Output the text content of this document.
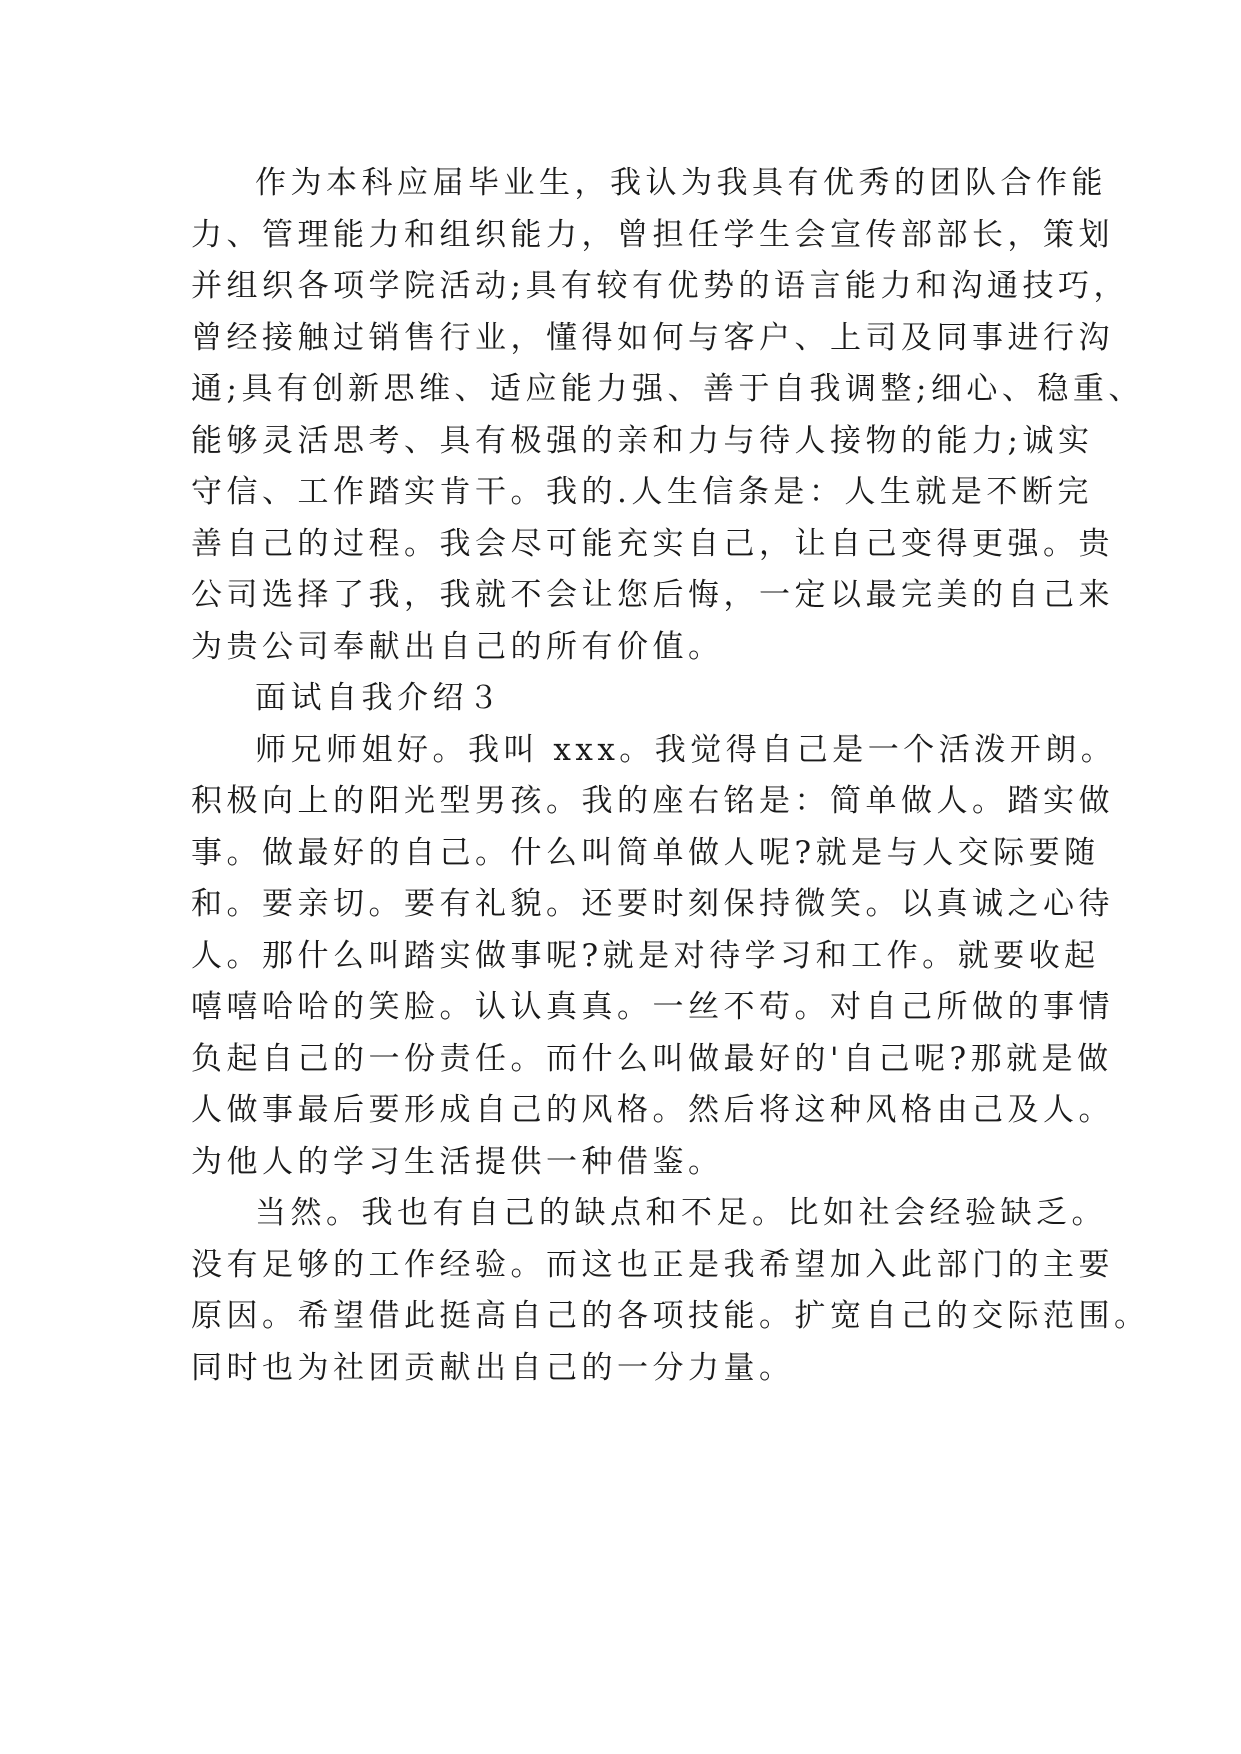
作为本科应届毕业生，我认为我具有优秀的团队合作能
力、管理能力和组织能力，曾担任学生会宣传部部长，策划
并组织各项学院活动;具有较有优势的语言能力和沟通技巧，
曾经接触过销售行业，懂得如何与客户、上司及同事进行沟
通;具有创新思维、适应能力强、善于自我调整;细心、稳重、
能够灵活思考、具有极强的亲和力与待人接物的能力;诚实
守信、工作踏实肯干。我的.人生信条是：人生就是不断完
善自己的过程。我会尽可能充实自己，让自己变得更强。贵
公司选择了我，我就不会让您后悔，一定以最完美的自己来
为贵公司奉献出自己的所有价值。
面试自我介绍３
师兄师姐好。我叫 xxx。我觉得自己是一个活泼开朗。
积极向上的阳光型男孩。我的座右铭是：简单做人。踏实做
事。做最好的自己。什么叫简单做人呢?就是与人交际要随
和。要亲切。要有礼貌。还要时刻保持微笑。以真诚之心待
人。那什么叫踏实做事呢?就是对待学习和工作。就要收起
嘻嘻哈哈的笑脸。认认真真。一丝不苟。对自己所做的事情
负起自己的一份责任。而什么叫做最好的'自己呢?那就是做
人做事最后要形成自己的风格。然后将这种风格由己及人。
为他人的学习生活提供一种借鉴。
当然。我也有自己的缺点和不足。比如社会经验缺乏。
没有足够的工作经验。而这也正是我希望加入此部门的主要
原因。希望借此挺高自己的各项技能。扩宽自己的交际范围。
同时也为社团贡献出自己的一分力量。
